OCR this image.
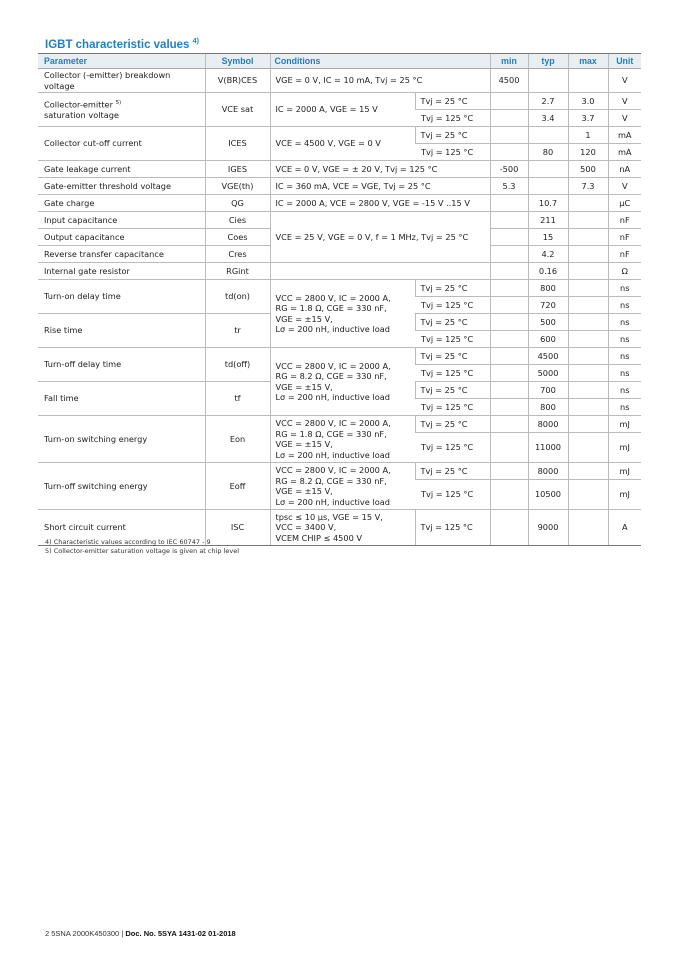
IGBT characteristic values $^{4)}$
Parameter	Symbol	Conditions		min	typ	max	Unit
Collector (-emitter) breakdown voltage	V(BR)CES	VGE = 0 V, IC = 10 mA, Tvj = 25 °C		4500			V
Collector-emitter $^{5)}$
saturation voltage	VCE sat	IC = 2000 A, VGE = 15 V	Tvj = 25 °C		2.7	3.0	V
			Tvj = 125 °C		3.4	3.7	V
Collector cut-off current	ICES	VCE = 4500 V, VGE = 0 V	Tvj = 25 °C			1	mA
			Tvj = 125 °C		80	120	mA
Gate leakage current	IGES	VCE = 0 V, VGE = ± 20 V, Tvj = 125 °C		-500		500	nA
Gate-emitter threshold voltage	VGE(th)	IC = 360 mA, VCE = VGE, Tvj = 25 °C		5.3		7.3	V
Gate charge	QG	IC = 2000 A, VCE = 2800 V, VGE = -15 V ..15 V			10.7		µC
Input capacitance	Cies	VCE = 25 V, VGE = 0 V, f = 1 MHz, Tvj = 25 °C			211		nF
Output capacitance	Coes				15		nF
Reverse transfer capacitance	Cres				4.2		nF
Internal gate resistor	RGint				0.16		Ω
Turn-on delay time	td(on)	VCC = 2800 V, IC = 2000 A,
RG = 1.8 Ω, CGE = 330 nF,
VGE = ±15 V,
Lσ = 200 nH, inductive load	Tvj = 25 °C		800		ns
			Tvj = 125 °C		720		ns
Rise time	tr		Tvj = 25 °C		500		ns
			Tvj = 125 °C		600		ns
Turn-off delay time	td(off)	VCC = 2800 V, IC = 2000 A,
RG = 8.2 Ω, CGE = 330 nF,
VGE = ±15 V,
Lσ = 200 nH, inductive load	Tvj = 25 °C		4500		ns
			Tvj = 125 °C		5000		ns
Fall time	tf		Tvj = 25 °C		700		ns
			Tvj = 125 °C		800		ns
Turn-on switching energy	Eon	VCC = 2800 V, IC = 2000 A,
RG = 1.8 Ω, CGE = 330 nF,
VGE = ±15 V,
Lσ = 200 nH, inductive load	Tvj = 25 °C		8000		mJ
			Tvj = 125 °C		11000		mJ
Turn-off switching energy	Eoff	VCC = 2800 V, IC = 2000 A,
RG = 8.2 Ω, CGE = 330 nF,
VGE = ±15 V,
Lσ = 200 nH, inductive load	Tvj = 25 °C		8000		mJ
			Tvj = 125 °C		10500		mJ
Short circuit current	ISC	tpsc ≤ 10 µs, VGE = 15 V,
VCC = 3400 V,
VCEM CHIP ≤ 4500 V	Tvj = 125 °C		9000		A
4) Characteristic values according to IEC 60747 - 9
5) Collector-emitter saturation voltage is given at chip level
2 5SNA 2000K450300 | Doc. No. 5SYA 1431-02 01-2018
